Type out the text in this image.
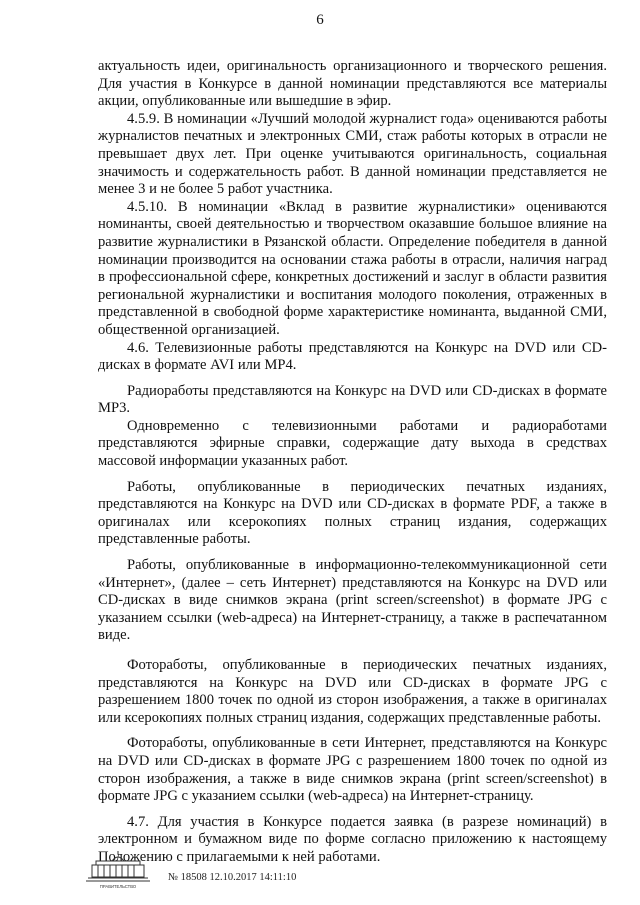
6

актуальность идеи, оригинальность организационного и творческого решения. Для участия в Конкурсе в данной номинации представляются все материалы акции, опубликованные или вышедшие в эфир.

4.5.9. В номинации «Лучший молодой журналист года» оцениваются работы журналистов печатных и электронных СМИ, стаж работы которых в отрасли не превышает двух лет. При оценке учитываются оригинальность, социальная значимость и содержательность работ. В данной номинации представляется не менее 3 и не более 5 работ участника.

4.5.10. В номинации «Вклад в развитие журналистики» оцениваются номинанты, своей деятельностью и творчеством оказавшие большое влияние на развитие журналистики в Рязанской области. Определение победителя в данной номинации производится на основании стажа работы в отрасли, наличия наград в профессиональной сфере, конкретных достижений и заслуг в области развития региональной журналистики и воспитания молодого поколения, отраженных в представленной в свободной форме характеристике номинанта, выданной СМИ, общественной организацией.

4.6. Телевизионные работы представляются на Конкурс на DVD или CD-дисках в формате AVI или MP4.

Радиоработы представляются на Конкурс на DVD или CD-дисках в формате MP3.

Одновременно с телевизионными работами и радиоработами представляются эфирные справки, содержащие дату выхода в средствах массовой информации указанных работ.

Работы, опубликованные в периодических печатных изданиях, представляются на Конкурс на DVD или CD-дисках в формате PDF, а также в оригиналах или ксерокопиях полных страниц издания, содержащих представленные работы.

Работы, опубликованные в информационно-телекоммуникационной сети «Интернет», (далее – сеть Интернет) представляются на Конкурс на DVD или CD-дисках в виде снимков экрана (print screen/screenshot) в формате JPG с указанием ссылки (web-адреса) на Интернет-страницу, а также в распечатанном виде.

Фоторaботы, опубликованные в периодических печатных изданиях, представляются на Конкурс на DVD или CD-дисках в формате JPG с разрешением 1800 точек по одной из сторон изображения, а также в оригиналах или ксерокопиях полных страниц издания, содержащих представленные работы.

Фоторaботы, опубликованные в сети Интернет, представляются на Конкурс на DVD или CD-дисках в формате JPG с разрешением 1800 точек по одной из сторон изображения, а также в виде снимков экрана (print screen/screenshot) в формате JPG с указанием ссылки (web-адреса) на Интернет-страницу.

4.7. Для участия в Конкурсе подается заявка (в разрезе номинаций) в электронном и бумажном виде по форме согласно приложению к настоящему Положению с прилагаемыми к ней работами.

ПРАВИТЕЛЬСТВО
№ 18508 12.10.2017 14:11:10
